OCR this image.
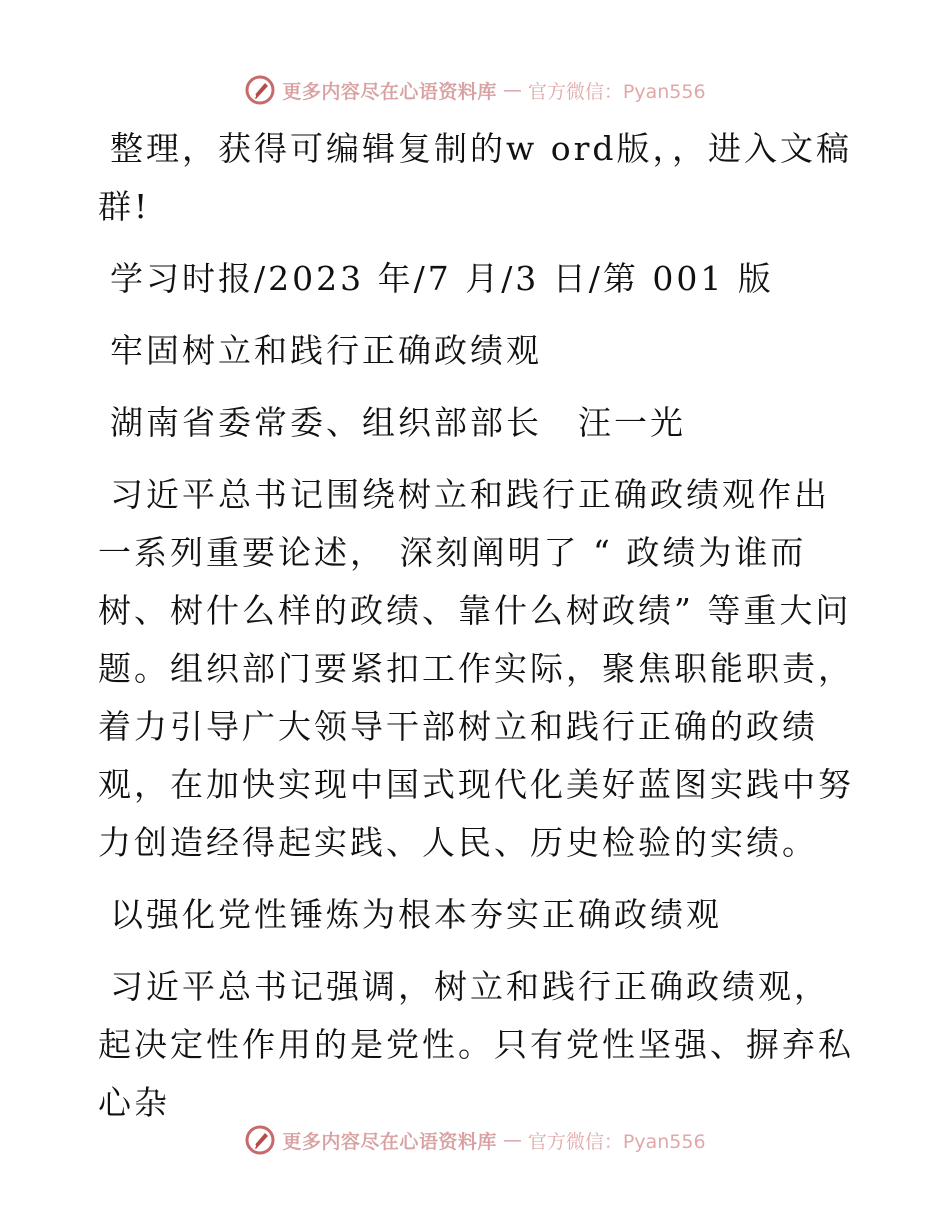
更多内容尽在心语资料库 — 官方微信：Pyan556

整理，获得可编辑复制的w ord版，，进入文稿群!

学习时报/2023 年/7 月/3 日/第 001 版

牢固树立和践行正确政绩观

湖南省委常委、组织部部长　汪一光

习近平总书记围绕树立和践行正确政绩观作出一系列重要论述， 深刻阐明了 “ 政绩为谁而树、树什么样的政绩、靠什么树政绩” 等重大问题。组织部门要紧扣工作实际，聚焦职能职责，着力引导广大领导干部树立和践行正确的政绩观，在加快实现中国式现代化美好蓝图实践中努力创造经得起实践、人民、历史检验的实绩。

以强化党性锤炼为根本夯实正确政绩观

习近平总书记强调，树立和践行正确政绩观，起决定性作用的是党性。只有党性坚强、摒弃私心杂

更多内容尽在心语资料库 — 官方微信：Pyan556
